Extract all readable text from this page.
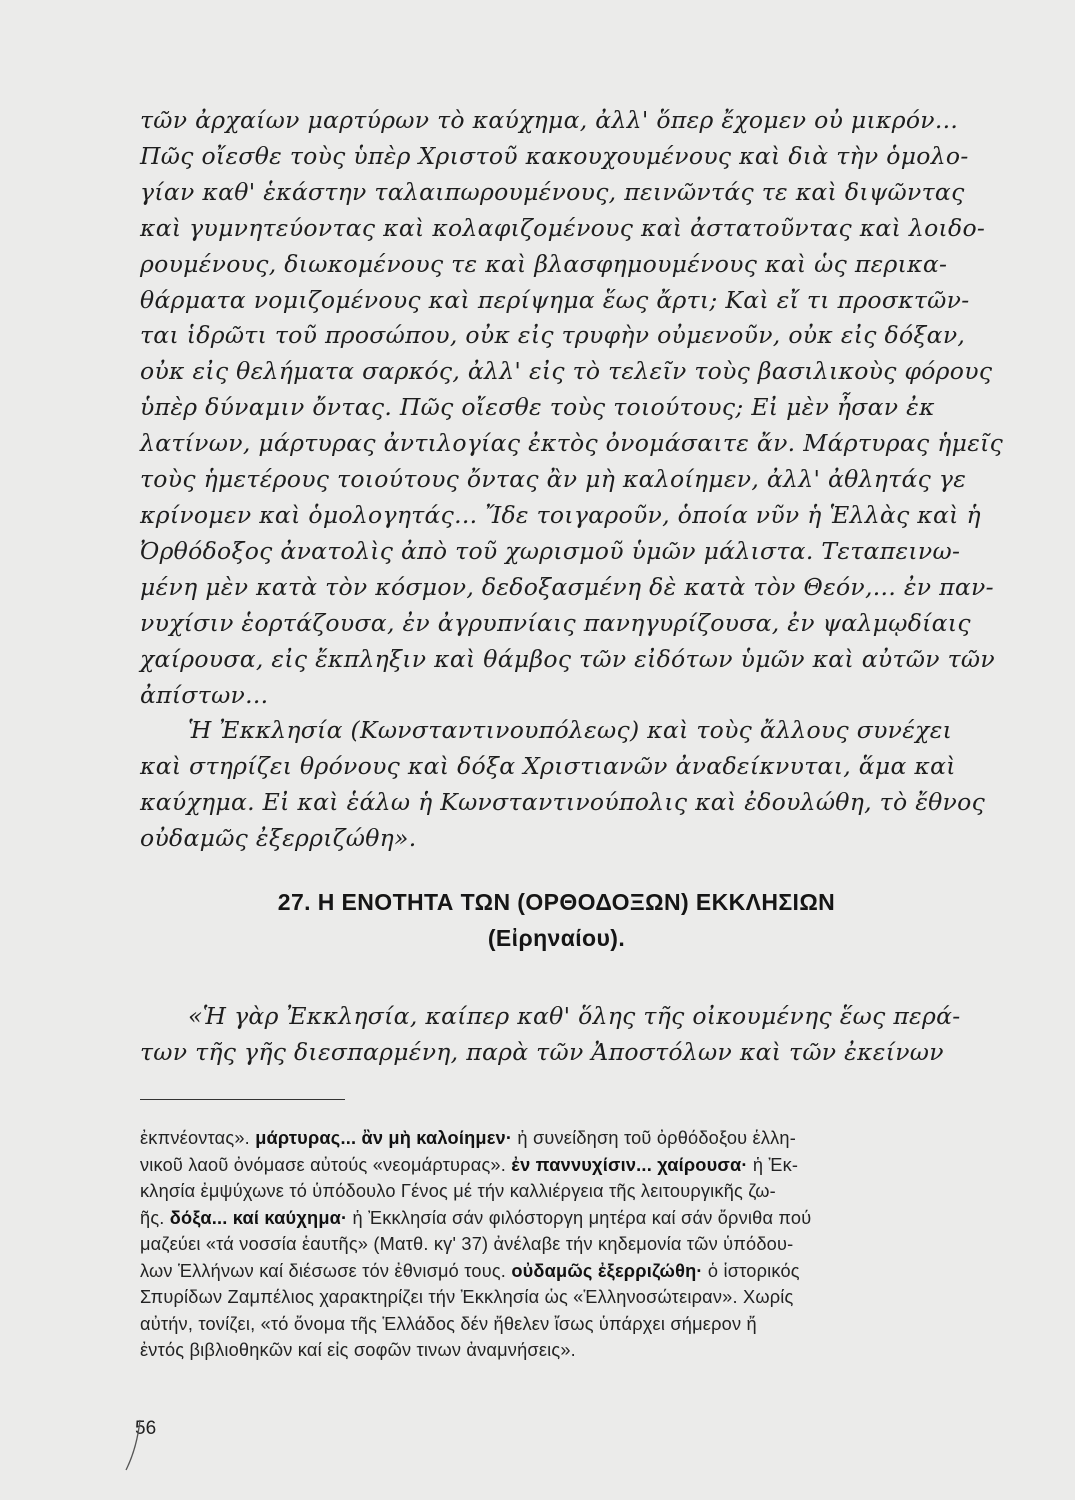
τῶν ἀρχαίων μαρτύρων τὸ καύχημα, ἀλλ' ὅπερ ἔχομεν οὐ μικρόν...
Πῶς οἴεσθε τοὺς ὑπὲρ Χριστοῦ κακουχουμένους καὶ διὰ τὴν ὁμολο-
γίαν καθ' ἑκάστην ταλαιπωρουμένους, πεινῶντάς τε καὶ διψῶντας
καὶ γυμνητεύοντας καὶ κολαφιζομένους καὶ ἀστατοῦντας καὶ λοιδο-
ρουμένους, διωκομένους τε καὶ βλασφημουμένους καὶ ὡς περικα-
θάρματα νομιζομένους καὶ περίψημα ἕως ἄρτι; Καὶ εἴ τι προσκτῶν-
ται ἱδρῶτι τοῦ προσώπου, οὐκ εἰς τρυφὴν οὐμενοῦν, οὐκ εἰς δόξαν,
οὐκ εἰς θελήματα σαρκός, ἀλλ' εἰς τὸ τελεῖν τοὺς βασιλικοὺς φόρους
ὑπὲρ δύναμιν ὄντας. Πῶς οἴεσθε τοὺς τοιούτους; Εἰ μὲν ἦσαν ἐκ
λατίνων, μάρτυρας ἀντιλογίας ἐκτὸς ὀνομάσαιτε ἄν. Μάρτυρας ἡμεῖς
τοὺς ἡμετέρους τοιούτους ὄντας ἂν μὴ καλοίημεν, ἀλλ' ἀθλητάς γε
κρίνομεν καὶ ὁμολογητάς... Ἴδε τοιγαροῦν, ὁποία νῦν ἡ Ἑλλὰς καὶ ἡ
Ὀρθόδοξος ἀνατολὶς ἀπὸ τοῦ χωρισμοῦ ὑμῶν μάλιστα. Τεταπεινω-
μένη μὲν κατὰ τὸν κόσμον, δεδοξασμένη δὲ κατὰ τὸν Θεόν,... ἐν παν-
νυχίσιν ἑορτάζουσα, ἐν ἀγρυπνίαις πανηγυρίζουσα, ἐν ψαλμῳδίαις
χαίρουσα, εἰς ἔκπληξιν καὶ θάμβος τῶν εἰδότων ὑμῶν καὶ αὐτῶν τῶν
ἀπίστων...
Ἡ Ἐκκλησία (Κωνσταντινουπόλεως) καὶ τοὺς ἄλλους συνέχει
καὶ στηρίζει θρόνους καὶ δόξα Χριστιανῶν ἀναδείκνυται, ἅμα καὶ
καύχημα. Εἰ καὶ ἑάλω ἡ Κωνσταντινούπολις καὶ ἐδουλώθη, τὸ ἔθνος
οὐδαμῶς ἐξερριζώθη».
27. Η ΕΝΟΤΗΤΑ ΤΩΝ (ΟΡΘΟΔΟΞΩΝ) ΕΚΚΛΗΣΙΩΝ
(Εἰρηναίου).
«Ἡ γὰρ Ἐκκλησία, καίπερ καθ' ὅλης τῆς οἰκουμένης ἕως περά-
των τῆς γῆς διεσπαρμένη, παρὰ τῶν Ἀποστόλων καὶ τῶν ἐκείνων
ἐκπνέοντας». μάρτυρας... ἂν μὴ καλοίημεν· ἡ συνείδηση τοῦ ὀρθόδοξου ἑλλη-
νικοῦ λαοῦ ὀνόμασε αὐτούς «νεομάρτυρας». ἐν παννυχίσιν... χαίρουσα· ἡ Ἐκ-
κλησία ἐμψύχωνε τό ὑπόδουλο Γένος μέ τήν καλλιέργεια τῆς λειτουργικῆς ζω-
ῆς. δόξα... καί καύχημα· ἡ Ἐκκλησία σάν φιλόστοργη μητέρα καί σάν ὄρνιθα πού
μαζεύει «τά νοσσία ἑαυτῆς» (Ματθ. κγ' 37) ἀνέλαβε τήν κηδεμονία τῶν ὑπόδου-
λων Ἑλλήνων καί διέσωσε τόν ἐθνισμό τους. οὐδαμῶς ἐξερριζώθη· ὁ ἱστορικός
Σπυρίδων Ζαμπέλιος χαρακτηρίζει τήν Ἐκκλησία ὡς «Ἑλληνοσώτειραν». Χωρίς
αὐτήν, τονίζει, «τό ὄνομα τῆς Ἑλλάδος δέν ἤθελεν ἴσως ὑπάρχει σήμερον ἤ
ἐντός βιβλιοθηκῶν καί εἰς σοφῶν τινων ἀναμνήσεις».
56
